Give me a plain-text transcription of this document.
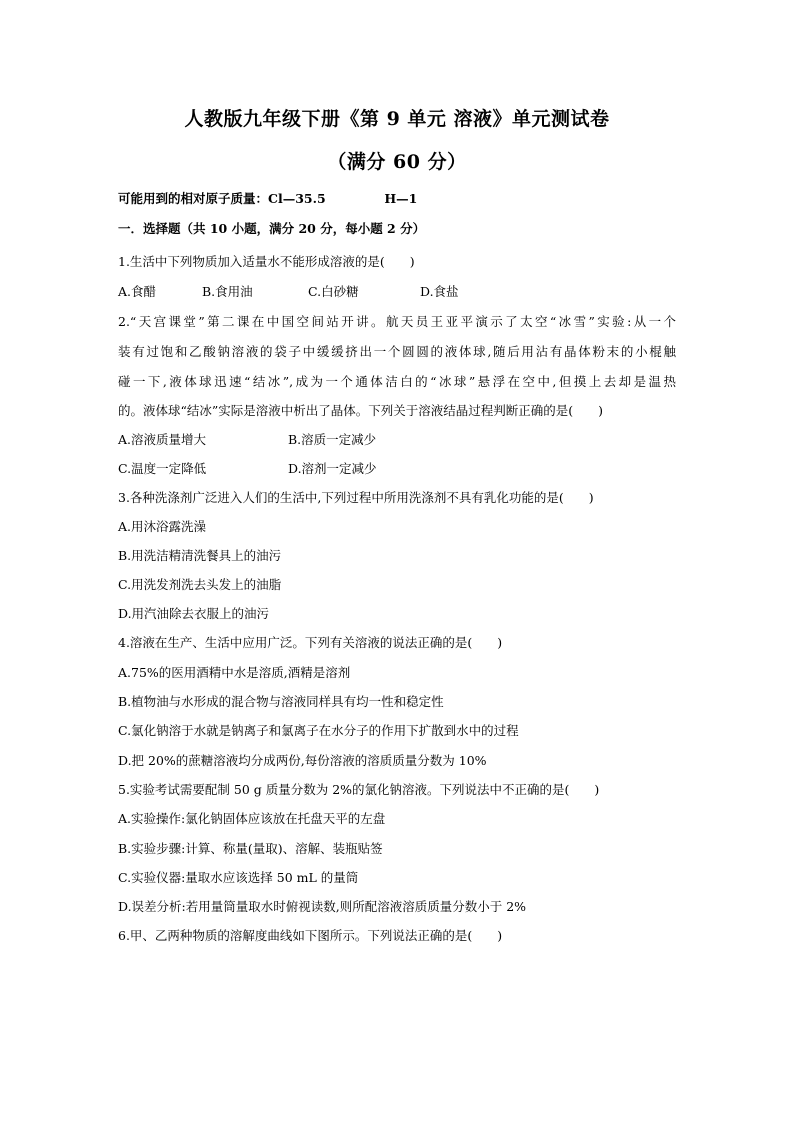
人教版九年级下册《第 9 单元 溶液》单元测试卷
（满分 60 分）
可能用到的相对原子质量：Cl—35.5	H—1
一．选择题（共 10 小题，满分 20 分，每小题 2 分）
1.生活中下列物质加入适量水不能形成溶液的是(　　)
A.食醋	B.食用油	C.白砂糖	D.食盐
2.“天宫课堂”第二课在中国空间站开讲。航天员王亚平演示了太空“冰雪”实验:从一个
装有过饱和乙酸钠溶液的袋子中缓缓挤出一个圆圆的液体球,随后用沾有晶体粉末的小棍触
碰一下,液体球迅速“结冰”,成为一个通体洁白的“冰球”悬浮在空中,但摸上去却是温热
的。液体球“结冰”实际是溶液中析出了晶体。下列关于溶液结晶过程判断正确的是(　　)
A.溶液质量增大	B.溶质一定减少
C.温度一定降低	D.溶剂一定减少
3.各种洗涤剂广泛进入人们的生活中,下列过程中所用洗涤剂不具有乳化功能的是(　　)
A.用沐浴露洗澡
B.用洗洁精清洗餐具上的油污
C.用洗发剂洗去头发上的油脂
D.用汽油除去衣服上的油污
4.溶液在生产、生活中应用广泛。下列有关溶液的说法正确的是(　　)
A.75%的医用酒精中水是溶质,酒精是溶剂
B.植物油与水形成的混合物与溶液同样具有均一性和稳定性
C.氯化钠溶于水就是钠离子和氯离子在水分子的作用下扩散到水中的过程
D.把 20%的蔗糖溶液均分成两份,每份溶液的溶质质量分数为 10%
5.实验考试需要配制 50 g 质量分数为 2%的氯化钠溶液。下列说法中不正确的是(　　)
A.实验操作:氯化钠固体应该放在托盘天平的左盘
B.实验步骤:计算、称量(量取)、溶解、装瓶贴签
C.实验仪器:量取水应该选择 50 mL 的量筒
D.误差分析:若用量筒量取水时俯视读数,则所配溶液溶质质量分数小于 2%
6.甲、乙两种物质的溶解度曲线如下图所示。下列说法正确的是(　　)
